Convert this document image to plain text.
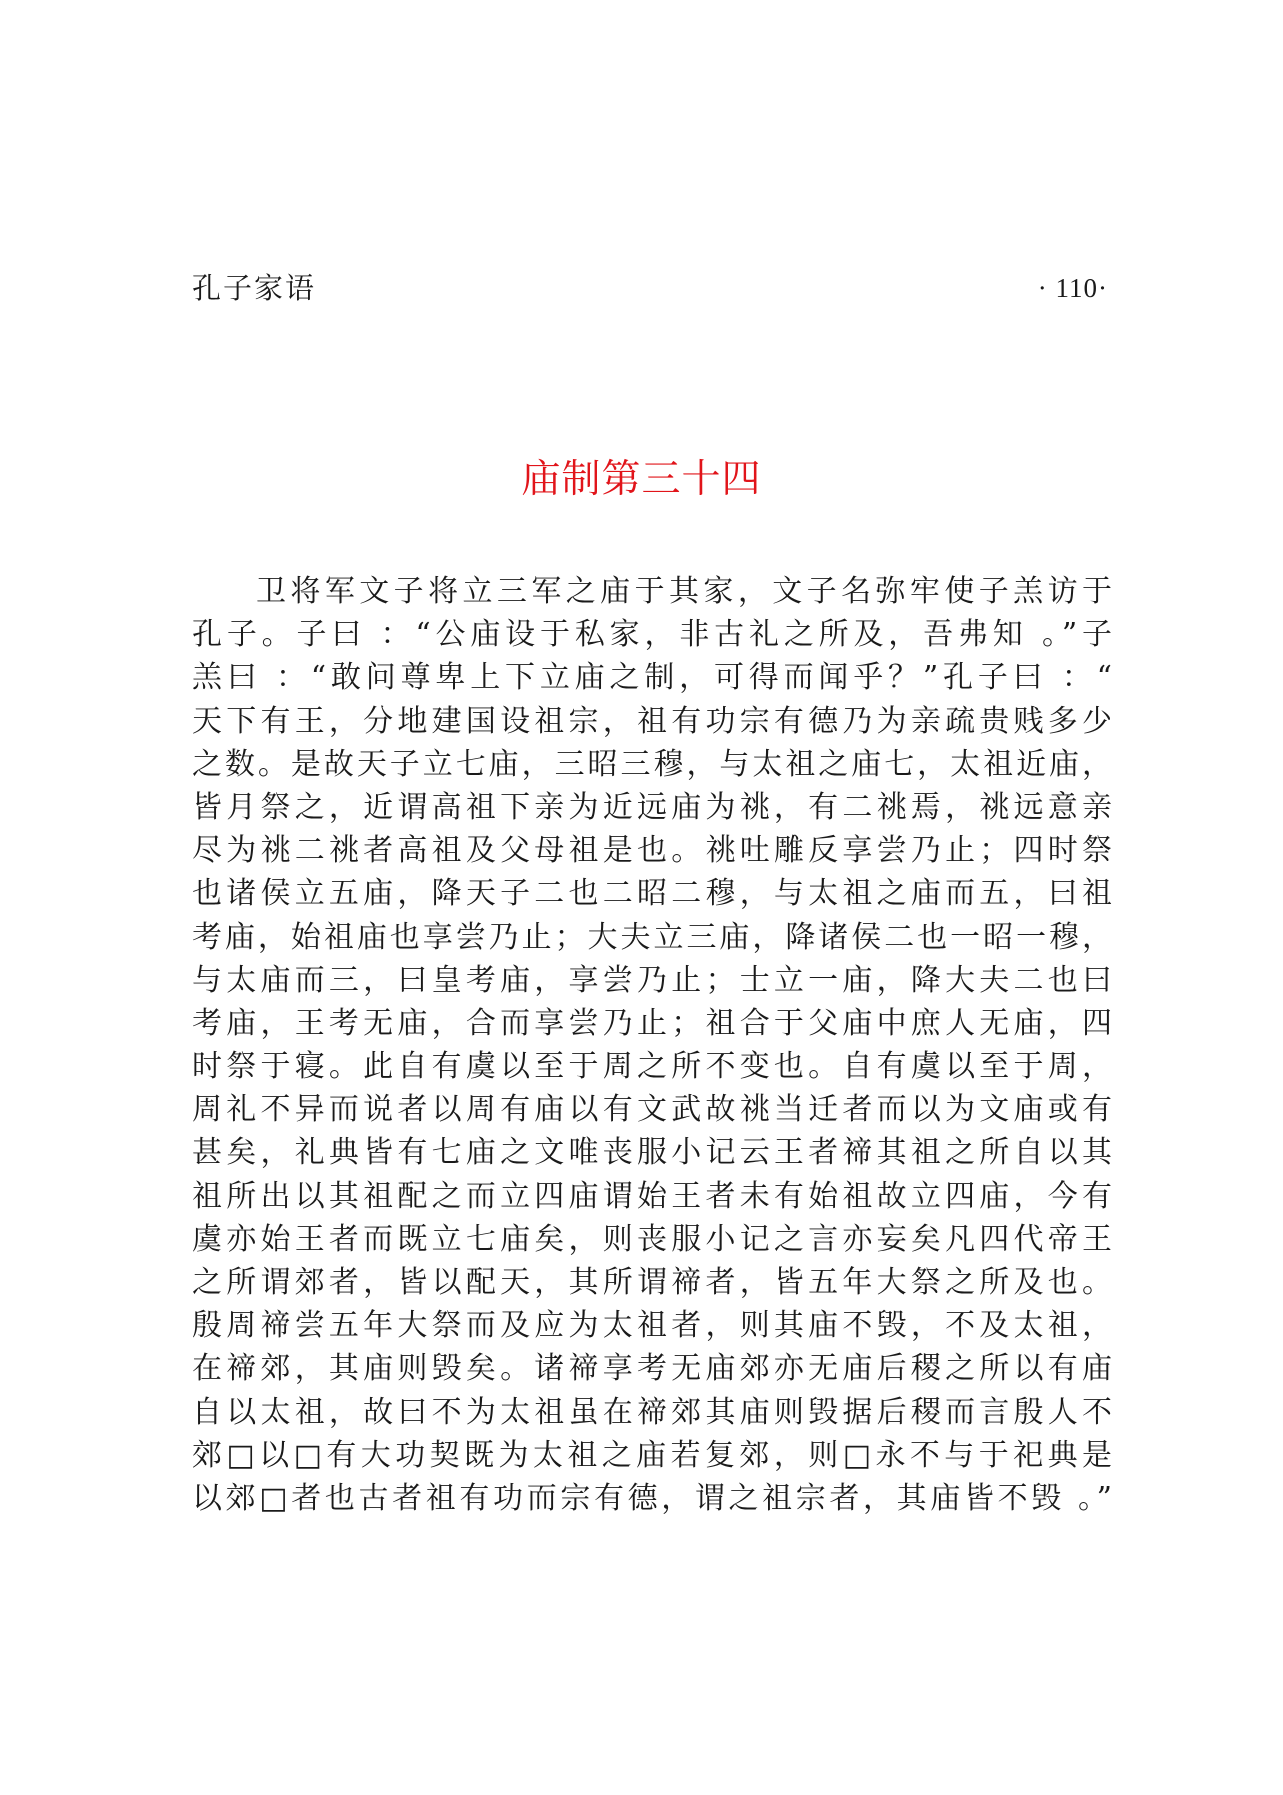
孔子家语	· 110·
庙制第三十四
卫将军文子将立三军之庙于其家，文子名弥牢使子羔访于
孔子。子曰 ：“公庙设于私家，非古礼之所及，吾弗知 。”子
羔曰 ：“敢问尊卑上下立庙之制，可得而闻乎？”孔子曰 ：“
天下有王，分地建国设祖宗，祖有功宗有德乃为亲疏贵贱多少
之数。是故天子立七庙，三昭三穆，与太祖之庙七，太祖近庙，
皆月祭之，近谓高祖下亲为近远庙为祧，有二祧焉，祧远意亲
尽为祧二祧者高祖及父母祖是也。祧吐雕反享尝乃止；四时祭
也诸侯立五庙，降天子二也二昭二穆，与太祖之庙而五，曰祖
考庙，始祖庙也享尝乃止；大夫立三庙，降诸侯二也一昭一穆，
与太庙而三，曰皇考庙，享尝乃止；士立一庙，降大夫二也曰
考庙，王考无庙，合而享尝乃止；祖合于父庙中庶人无庙，四
时祭于寝。此自有虞以至于周之所不变也。自有虞以至于周，
周礼不异而说者以周有庙以有文武故祧当迁者而以为文庙或有
甚矣，礼典皆有七庙之文唯丧服小记云王者禘其祖之所自以其
祖所出以其祖配之而立四庙谓始王者未有始祖故立四庙，今有
虞亦始王者而既立七庙矣，则丧服小记之言亦妄矣凡四代帝王
之所谓郊者，皆以配天，其所谓禘者，皆五年大祭之所及也。
殷周禘尝五年大祭而及应为太祖者，则其庙不毁，不及太祖，
在禘郊，其庙则毁矣。诸禘享考无庙郊亦无庙后稷之所以有庙
自以太祖，故曰不为太祖虽在禘郊其庙则毁据后稷而言殷人不
郊□以□有大功契既为太祖之庙若复郊，则□永不与于祀典是
以郊□者也古者祖有功而宗有德，谓之祖宗者，其庙皆不毁 。”
